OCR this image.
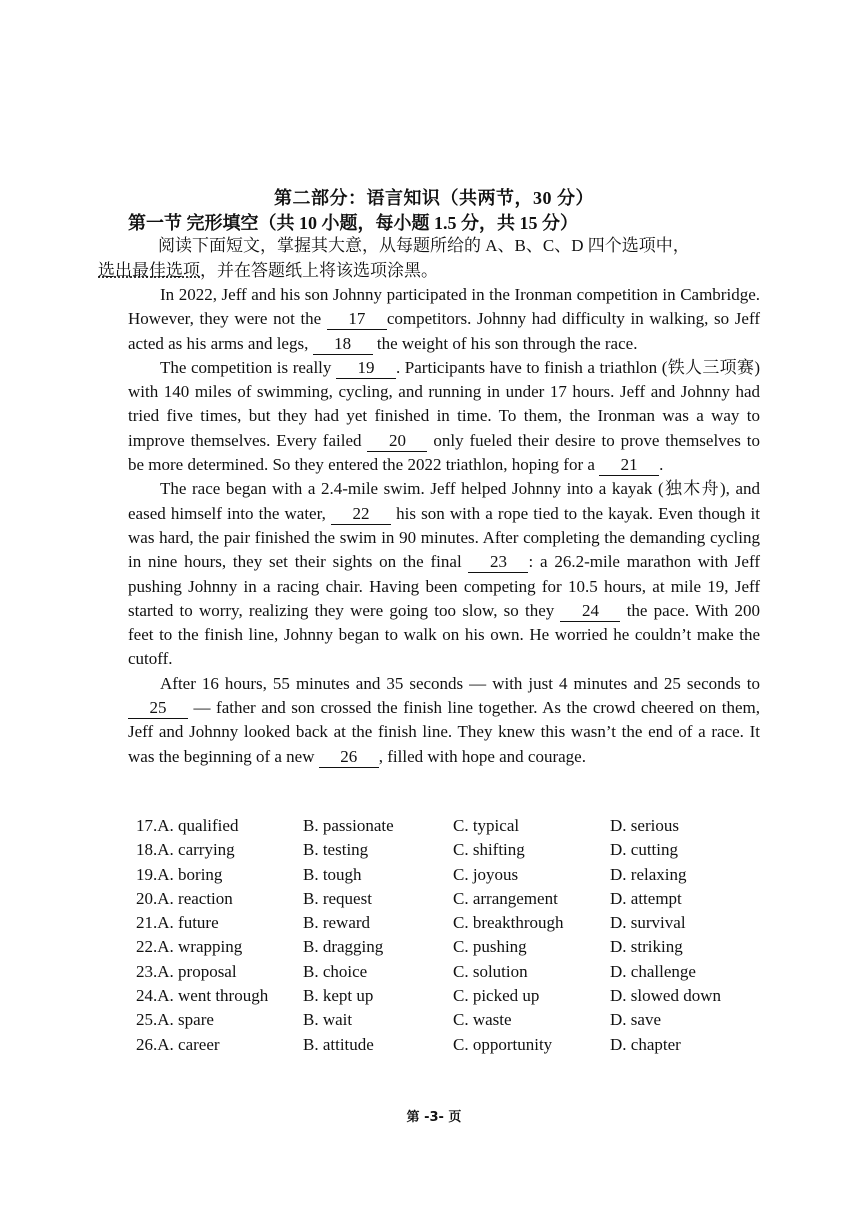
第二部分：语言知识（共两节，30 分）
第一节 完形填空（共 10 小题，每小题 1.5 分，共 15 分）
阅读下面短文，掌握其大意，从每题所给的 A、B、C、D 四个选项中，
选出最佳选项，并在答题纸上将该选项涂黑。

In 2022, Jeff and his son Johnny participated in the Ironman competition in Cambridge. However, they were not the 17 competitors. Johnny had difficulty in walking, so Jeff acted as his arms and legs, 18 the weight of his son through the race.

The competition is really 19 . Participants have to finish a triathlon (铁人三项赛) with 140 miles of swimming, cycling, and running in under 17 hours. Jeff and Johnny had tried five times, but they had yet finished in time. To them, the Ironman was a way to improve themselves. Every failed 20 only fueled their desire to prove themselves to be more determined. So they entered the 2022 triathlon, hoping for a 21 .

The race began with a 2.4-mile swim. Jeff helped Johnny into a kayak (独木舟), and eased himself into the water, 22 his son with a rope tied to the kayak. Even though it was hard, the pair finished the swim in 90 minutes. After completing the demanding cycling in nine hours, they set their sights on the final 23 : a 26.2-mile marathon with Jeff pushing Johnny in a racing chair. Having been competing for 10.5 hours, at mile 19, Jeff started to worry, realizing they were going too slow, so they 24 the pace. With 200 feet to the finish line, Johnny began to walk on his own. He worried he couldn’t make the cutoff.

After 16 hours, 55 minutes and 35 seconds — with just 4 minutes and 25 seconds to 25 — father and son crossed the finish line together. As the crowd cheered on them, Jeff and Johnny looked back at the finish line. They knew this wasn’t the end of a race. It was the beginning of a new 26 , filled with hope and courage.

17.A. qualified	B. passionate	C. typical	D. serious
18.A. carrying	B. testing	C. shifting	D. cutting
19.A. boring	B. tough	C. joyous	D. relaxing
20.A. reaction	B. request	C. arrangement	D. attempt
21.A. future	B. reward	C. breakthrough	D. survival
22.A. wrapping	B. dragging	C. pushing	D. striking
23.A. proposal	B. choice	C. solution	D. challenge
24.A. went through B. kept up	C. picked up	D. slowed down
25.A. spare	B. wait	C. waste	D. save
26.A. career	B. attitude	C. opportunity	D. chapter
第 -3- 页
